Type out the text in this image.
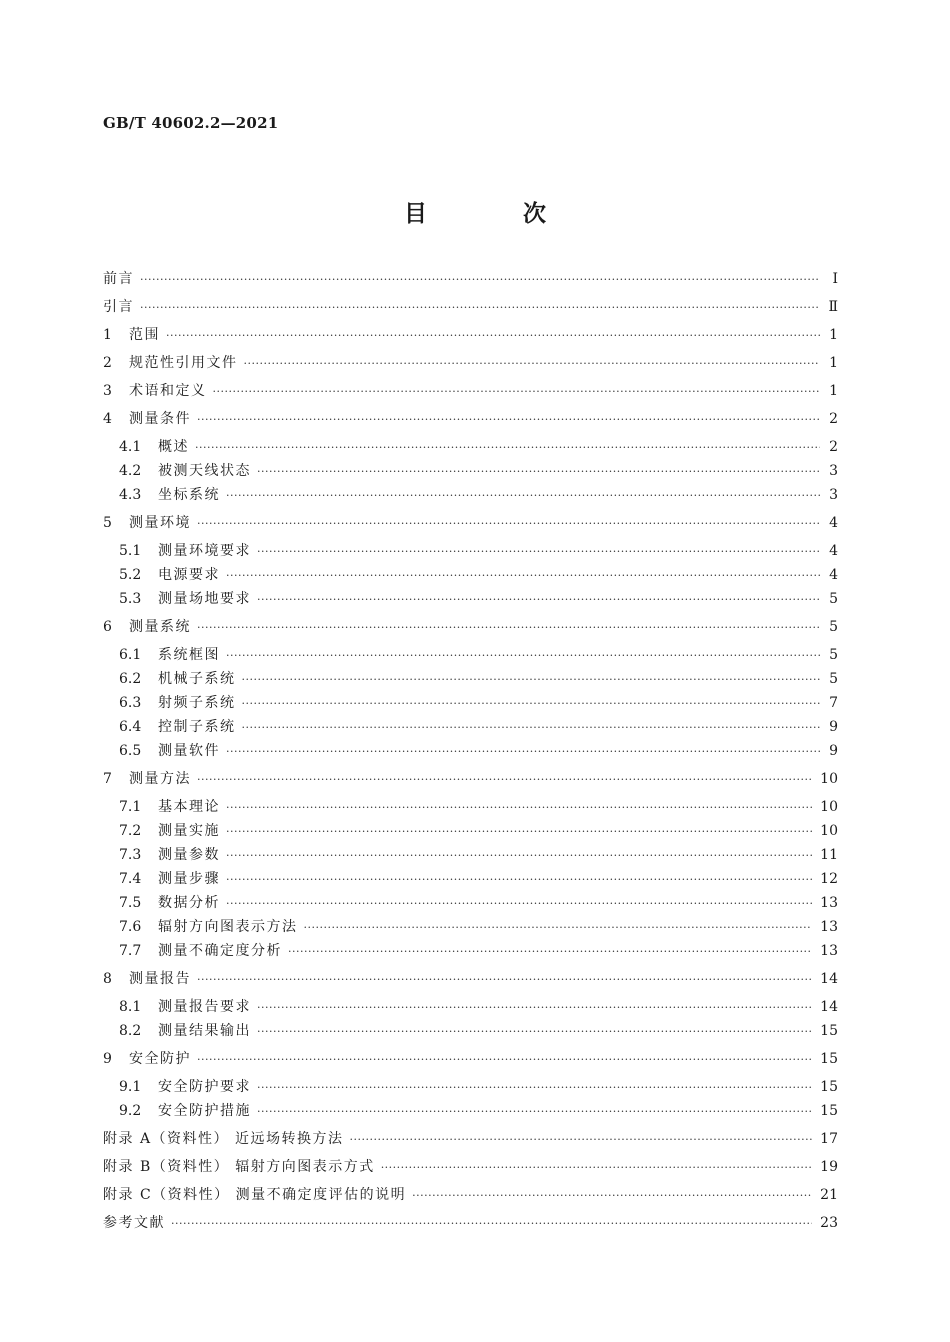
GB/T 40602.2—2021
目 次
前言 ·····	Ⅰ
引言 ·····	Ⅱ
1	范围 ·····	1
2	规范性引用文件 ·····	1
3	术语和定义 ·····	1
4	测量条件 ·····	2
4.1	概述 ·····	2
4.2	被测天线状态 ·····	3
4.3	坐标系统 ·····	3
5	测量环境 ·····	4
5.1	测量环境要求 ·····	4
5.2	电源要求 ·····	4
5.3	测量场地要求 ·····	5
6	测量系统 ·····	5
6.1	系统框图 ·····	5
6.2	机械子系统 ·····	5
6.3	射频子系统 ·····	7
6.4	控制子系统 ·····	9
6.5	测量软件 ·····	9
7	测量方法 ·····	10
7.1	基本理论 ·····	10
7.2	测量实施 ·····	10
7.3	测量参数 ·····	11
7.4	测量步骤 ·····	12
7.5	数据分析 ·····	13
7.6	辐射方向图表示方法 ·····	13
7.7	测量不确定度分析 ·····	13
8	测量报告 ·····	14
8.1	测量报告要求 ·····	14
8.2	测量结果输出 ·····	15
9	安全防护 ·····	15
9.1	安全防护要求 ·····	15
9.2	安全防护措施 ·····	15
附录 A（资料性） 近远场转换方法 ·····	17
附录 B（资料性） 辐射方向图表示方式 ·····	19
附录 C（资料性） 测量不确定度评估的说明 ·····	21
参考文献 ·····	23
